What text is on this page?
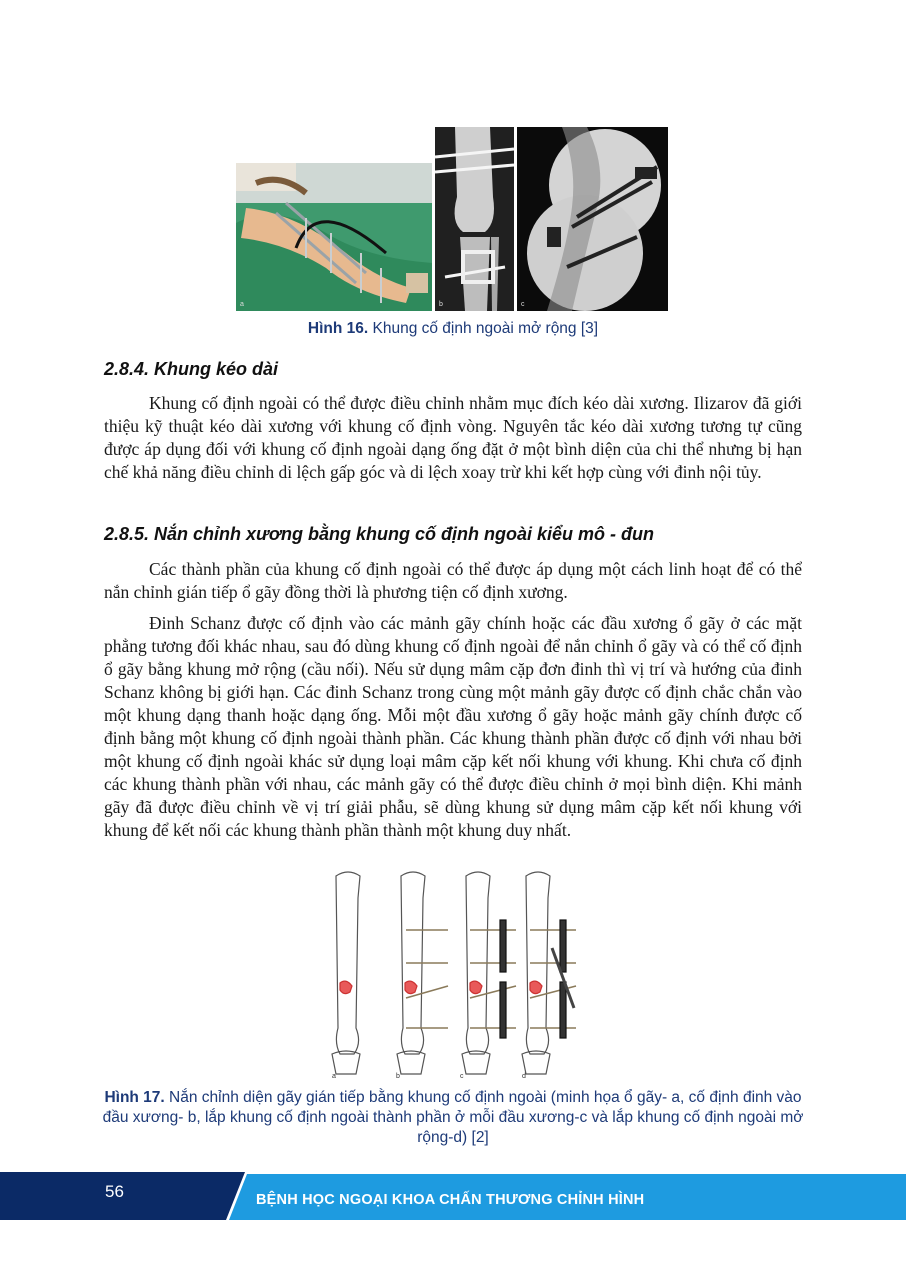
a	b	c
Hình 16. Khung cố định ngoài mở rộng [3]
2.8.4. Khung kéo dài

Khung cố định ngoài có thể được điều chỉnh nhằm mục đích kéo dài xương. Ilizarov đã giới thiệu kỹ thuật kéo dài xương với khung cố định vòng. Nguyên tắc kéo dài xương tương tự cũng được áp dụng đối với khung cố định ngoài dạng ống đặt ở một bình diện của chi thể nhưng bị hạn chế khả năng điều chỉnh di lệch gấp góc và di lệch xoay trừ khi kết hợp cùng với đinh nội tủy.

2.8.5. Nắn chỉnh xương bằng khung cố định ngoài kiểu mô - đun

Các thành phần của khung cố định ngoài có thể được áp dụng một cách linh hoạt để có thể nắn chỉnh gián tiếp ổ gãy đồng thời là phương tiện cố định xương.

Đinh Schanz được cố định vào các mảnh gãy chính hoặc các đầu xương ổ gãy ở các mặt phẳng tương đối khác nhau, sau đó dùng khung cố định ngoài để nắn chỉnh ổ gãy và có thể cố định ổ gãy bằng khung mở rộng (cầu nối). Nếu sử dụng mâm cặp đơn đinh thì vị trí và hướng của đinh Schanz không bị giới hạn. Các đinh Schanz trong cùng một mảnh gãy được cố định chắc chắn vào một khung dạng thanh hoặc dạng ống. Mỗi một đầu xương ổ gãy hoặc mảnh gãy chính được cố định bằng một khung cố định ngoài thành phần. Các khung thành phần được cố định với nhau bởi một khung cố định ngoài khác sử dụng loại mâm cặp kết nối khung với khung. Khi chưa cố định các khung thành phần với nhau, các mảnh gãy có thể được điều chỉnh ở mọi bình diện. Khi mảnh gãy đã được điều chỉnh về vị trí giải phẫu, sẽ dùng khung sử dụng mâm cặp kết nối khung với khung để kết nối các khung thành phần thành một khung duy nhất.

a	b	c	d
Hình 17. Nắn chỉnh diện gãy gián tiếp bằng khung cố định ngoài (minh họa ổ gãy- a, cố định đinh vào đầu xương- b, lắp khung cố định ngoài thành phần ở mỗi đầu xương-c và lắp khung cố định ngoài mở rộng-d) [2]
56	BỆNH HỌC NGOẠI KHOA CHẤN THƯƠNG CHỈNH HÌNH
